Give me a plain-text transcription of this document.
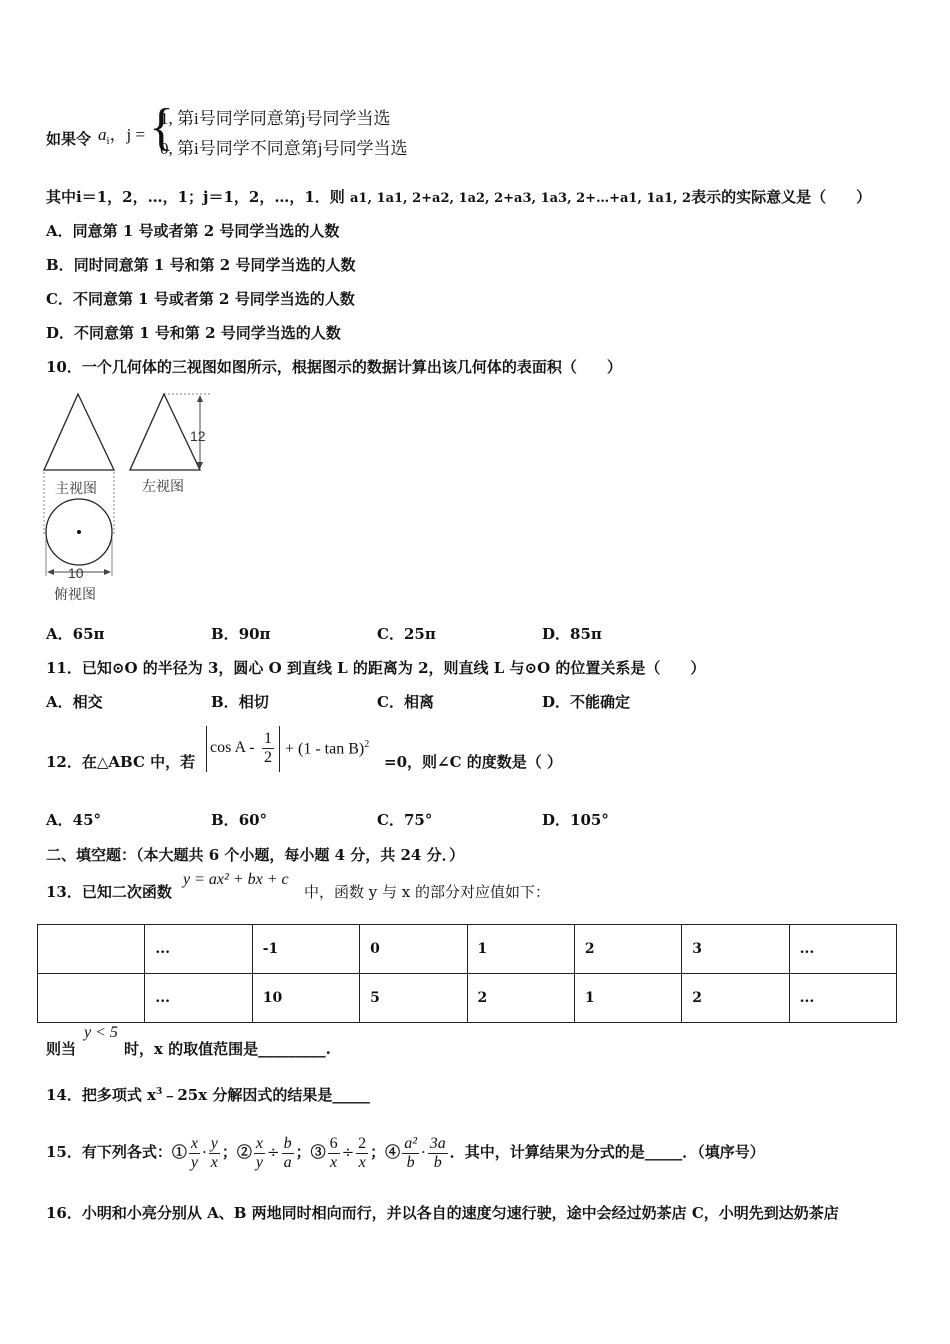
如果令 $a_i$，j = {
1, 第i号同学同意第j号同学当选
0, 第i号同学不同意第j号同学当选
其中i＝1，2，…，1；j＝1，2，…，1．则 a1, 1a1, 2+a2, 1a2, 2+a3, 1a3, 2+…+a1, 1a1, 2表示的实际意义是（　　）
A．同意第 1 号或者第 2 号同学当选的人数
B．同时同意第 1 号和第 2 号同学当选的人数
C．不同意第 1 号或者第 2 号同学当选的人数
D．不同意第 1 号和第 2 号同学当选的人数
10．一个几何体的三视图如图所示，根据图示的数据计算出该几何体的表面积（　　）
12
主视图	左视图
10
俯视图
A．65π	B．90π	C．25π	D．85π
11．已知⊙O 的半径为 3，圆心 O 到直线 L 的距离为 2，则直线 L 与⊙O 的位置关系是（　　）
A．相交	B．相切	C．相离	D．不能确定
12．在△ABC 中，若
$\cos A - \frac{1}{2} + (1 - \tan B)^2$
=0，则∠C 的度数是（ ）
A．45°	B．60°	C．75°	D．105°
二、填空题：（本大题共 6 个小题，每小题 4 分，共 24 分．）
13．已知二次函数
y = ax² + bx + c
中，函数 y 与 x 的部分对应值如下：
	...	-1	0	1	2	3	...
	...	10	5	2	1	2	...
则当
y < 5
时，x 的取值范围是_________.
14．把多项式 $x^3﹣25x$ 分解因式的结果是_____
15．有下列各式：① $\frac{x}{y} \cdot \frac{y}{x}$ ；② $\frac{x}{y} \div \frac{b}{a}$ ；③ $\frac{6}{x} \div \frac{2}{x}$ ；④ $\frac{\text{a²}}{b} \cdot \frac{3a}{b}$ ．其中，计算结果为分式的是_____．（填序号）
16．小明和小亮分别从 A、B 两地同时相向而行，并以各自的速度匀速行驶，途中会经过奶茶店 C，小明先到达奶茶店
